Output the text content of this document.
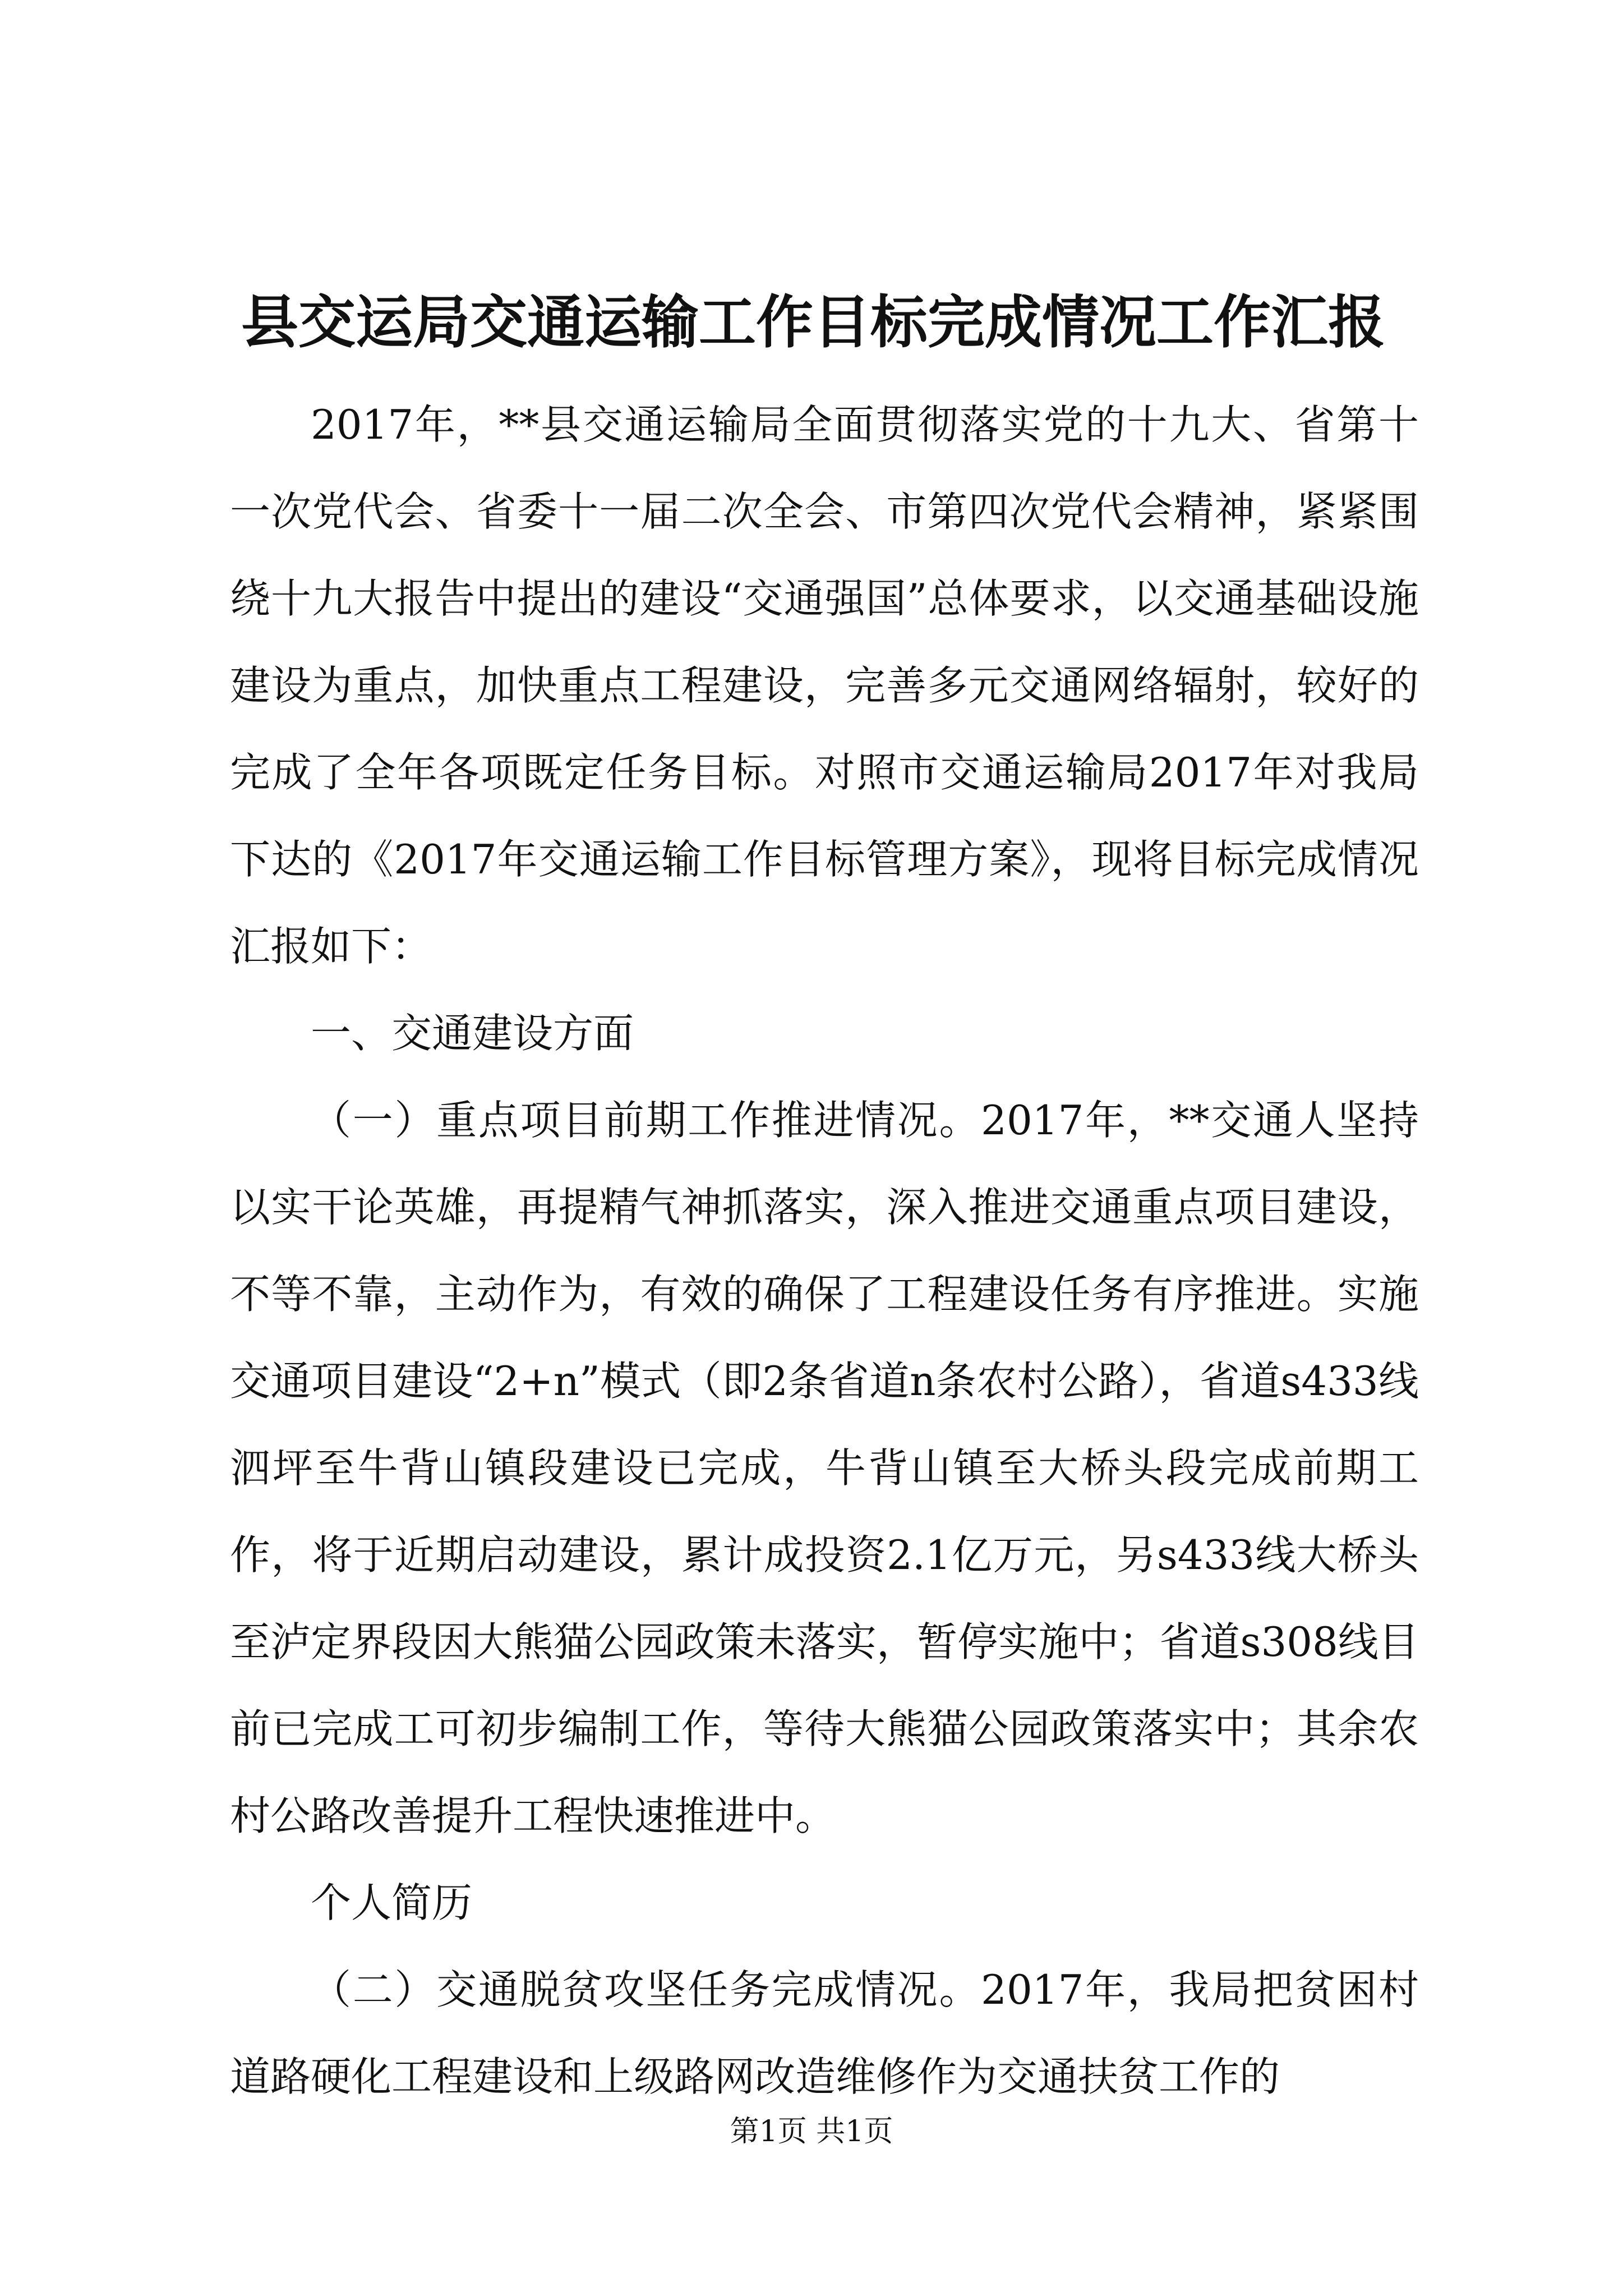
县交运局交通运输工作目标完成情况工作汇报

2017年，**县交通运输局全面贯彻落实党的十九大、省第十一次党代会、省委十一届二次全会、市第四次党代会精神，紧紧围绕十九大报告中提出的建设“交通强国”总体要求，以交通基础设施建设为重点，加快重点工程建设，完善多元交通网络辐射，较好的完成了全年各项既定任务目标。对照市交通运输局2017年对我局下达的《2017年交通运输工作目标管理方案》，现将目标完成情况汇报如下：

一、交通建设方面

（一）重点项目前期工作推进情况。2017年，**交通人坚持以实干论英雄，再提精气神抓落实，深入推进交通重点项目建设，不等不靠，主动作为，有效的确保了工程建设任务有序推进。实施交通项目建设“2+n”模式（即2条省道n条农村公路），省道s433线泗坪至牛背山镇段建设已完成，牛背山镇至大桥头段完成前期工作，将于近期启动建设，累计成投资2.1亿万元，另s433线大桥头至泸定界段因大熊猫公园政策未落实，暂停实施中；省道s308线目前已完成工可初步编制工作，等待大熊猫公园政策落实中；其余农村公路改善提升工程快速推进中。

个人简历

（二）交通脱贫攻坚任务完成情况。2017年，我局把贫困村道路硬化工程建设和上级路网改造维修作为交通扶贫工作的

第1页 共1页
